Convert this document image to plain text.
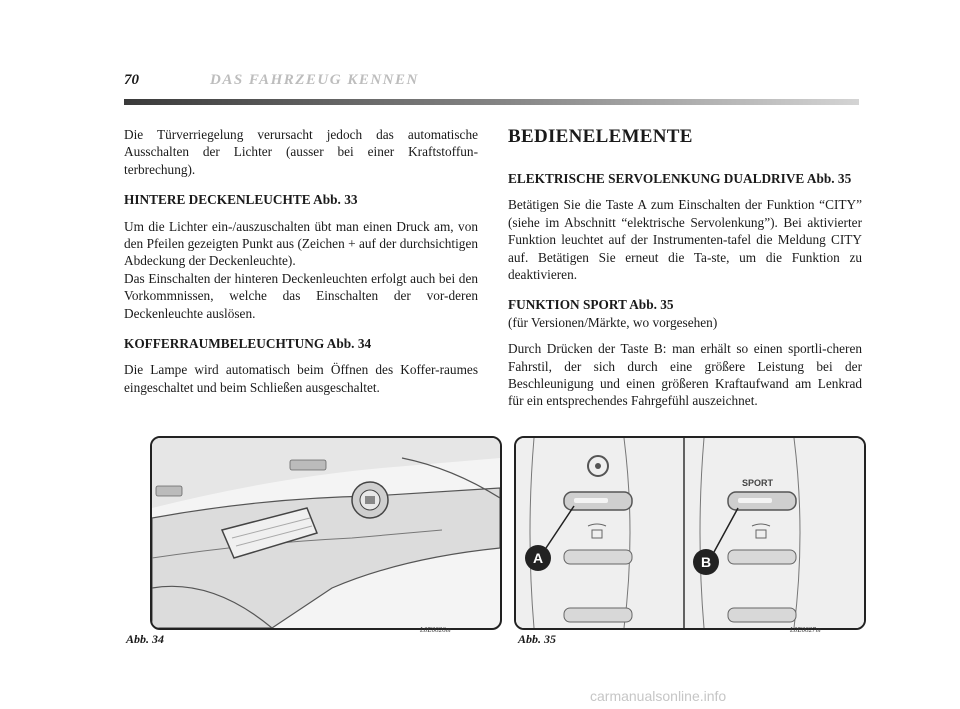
70	DAS FAHRZEUG KENNEN

Die Türverriegelung verursacht jedoch das automatische Ausschalten der Lichter (ausser bei einer Kraftstoffun-terbrechung).

HINTERE DECKENLEUCHTE Abb. 33

Um die Lichter ein-/auszuschalten übt man einen Druck am, von den Pfeilen gezeigten Punkt aus (Zeichen + auf der durchsichtigen Abdeckung der Deckenleuchte).

Das Einschalten der hinteren Deckenleuchten erfolgt auch bei den Vorkommnissen, welche das Einschalten der vor-deren Deckenleuchte auslösen.

KOFFERRAUMBELEUCHTUNG Abb. 34

Die Lampe wird automatisch beim Öffnen des Koffer-raumes eingeschaltet und beim Schließen ausgeschaltet.

BEDIENELEMENTE
ELEKTRISCHE SERVOLENKUNG DUALDRIVE Abb. 35

Betätigen Sie die Taste A zum Einschalten der Funktion “CITY” (siehe im Abschnitt “elektrische Servolenkung”). Bei aktivierter Funktion leuchtet auf der Instrumenten-tafel die Meldung CITY auf. Betätigen Sie erneut die Ta-ste, um die Funktion zu deaktivieren.

FUNKTION SPORT Abb. 35

(für Versionen/Märkte, wo vorgesehen)

Durch Drücken der Taste B: man erhält so einen sportli-cheren Fahrstil, der sich durch eine größere Leistung bei der Beschleunigung und einen größeren Kraftaufwand am Lenkrad für ein entsprechendes Fahrgefühl auszeichnet.

Abb. 34
L0E0026m
SPORT
A	B
Abb. 35
L0E0027m
carmanualsonline.info
